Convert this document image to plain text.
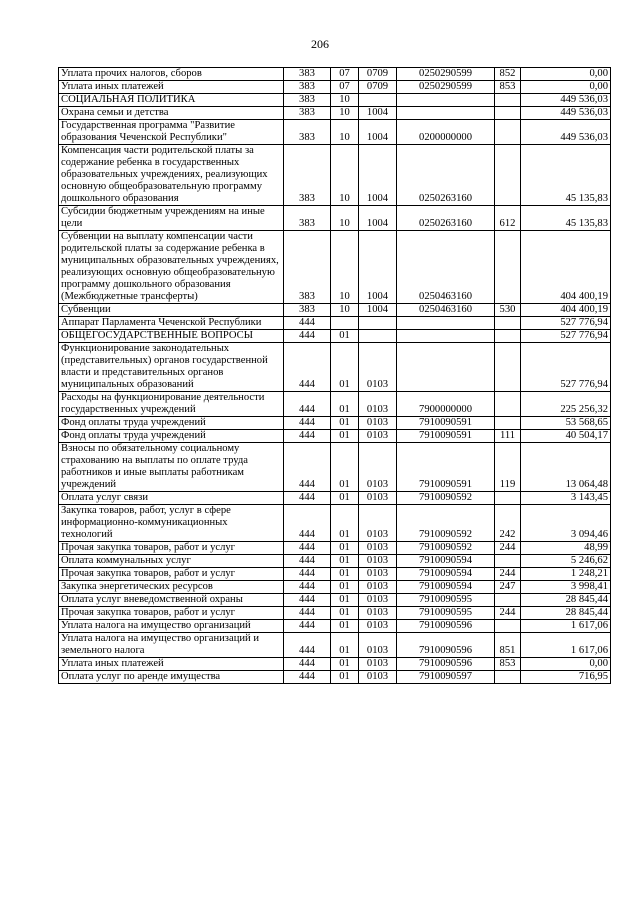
206
Уплата прочих налогов, сборов	383	07	0709	0250290599	852	0,00
Уплата иных платежей	383	07	0709	0250290599	853	0,00
СОЦИАЛЬНАЯ ПОЛИТИКА	383	10				449 536,03
Охрана семьи и детства	383	10	1004			449 536,03
Государственная программа "Развитие образования Чеченской Республики"	383	10	1004	0200000000		449 536,03
Компенсация части родительской платы за содержание ребенка в государственных образовательных учреждениях, реализующих основную общеобразовательную программу дошкольного образования	383	10	1004	0250263160		45 135,83
Субсидии бюджетным учреждениям на иные цели	383	10	1004	0250263160	612	45 135,83
Субвенции на выплату компенсации части родительской платы за содержание ребенка в муниципальных образовательных учреждениях, реализующих основную общеобразовательную программу дошкольного образования (Межбюджетные трансферты)	383	10	1004	0250463160		404 400,19
Субвенции	383	10	1004	0250463160	530	404 400,19
Аппарат Парламента Чеченской Республики	444					527 776,94
ОБЩЕГОСУДАРСТВЕННЫЕ ВОПРОСЫ	444	01				527 776,94
Функционирование законодательных (представительных) органов государственной власти и представительных органов муниципальных образований	444	01	0103			527 776,94
Расходы на функционирование деятельности государственных учреждений	444	01	0103	7900000000		225 256,32
Фонд оплаты труда учреждений	444	01	0103	7910090591		53 568,65
Фонд оплаты труда учреждений	444	01	0103	7910090591	111	40 504,17
Взносы по обязательному социальному страхованию на выплаты по оплате труда работников и иные выплаты работникам учреждений	444	01	0103	7910090591	119	13 064,48
Оплата услуг связи	444	01	0103	7910090592		3 143,45
Закупка товаров, работ, услуг в сфере информационно-коммуникационных технологий	444	01	0103	7910090592	242	3 094,46
Прочая закупка товаров, работ и услуг	444	01	0103	7910090592	244	48,99
Оплата коммунальных услуг	444	01	0103	7910090594		5 246,62
Прочая закупка товаров, работ и услуг	444	01	0103	7910090594	244	1 248,21
Закупка энергетических ресурсов	444	01	0103	7910090594	247	3 998,41
Оплата услуг вневедомственной охраны	444	01	0103	7910090595		28 845,44
Прочая закупка товаров, работ и услуг	444	01	0103	7910090595	244	28 845,44
Уплата налога на имущество организаций	444	01	0103	7910090596		1 617,06
Уплата налога на имущество организаций и земельного налога	444	01	0103	7910090596	851	1 617,06
Уплата иных платежей	444	01	0103	7910090596	853	0,00
Оплата услуг по аренде имущества	444	01	0103	7910090597		716,95
